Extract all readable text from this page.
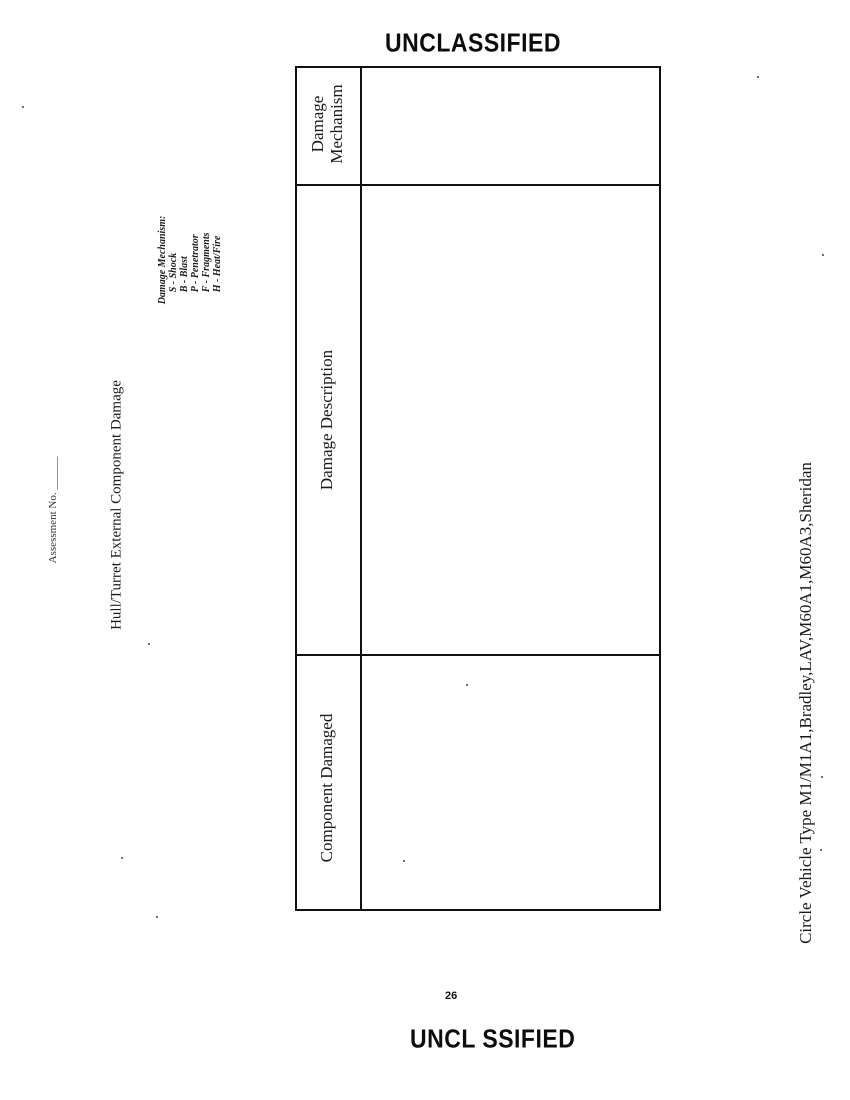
UNCLASSIFIED
Assessment No. ______	Hull/Turret External Component Damage
Damage Mechanism: S - Shock B - Blast P - Penetrator F - Fragments H - Heat/Fire
Damage Mechanism
Damage Description
Component Damaged	Circle Vehicle Type M1/M1A1,Bradley,LAV,M60A1,M60A3,Sheridan
26
UNCL SSIFIED
